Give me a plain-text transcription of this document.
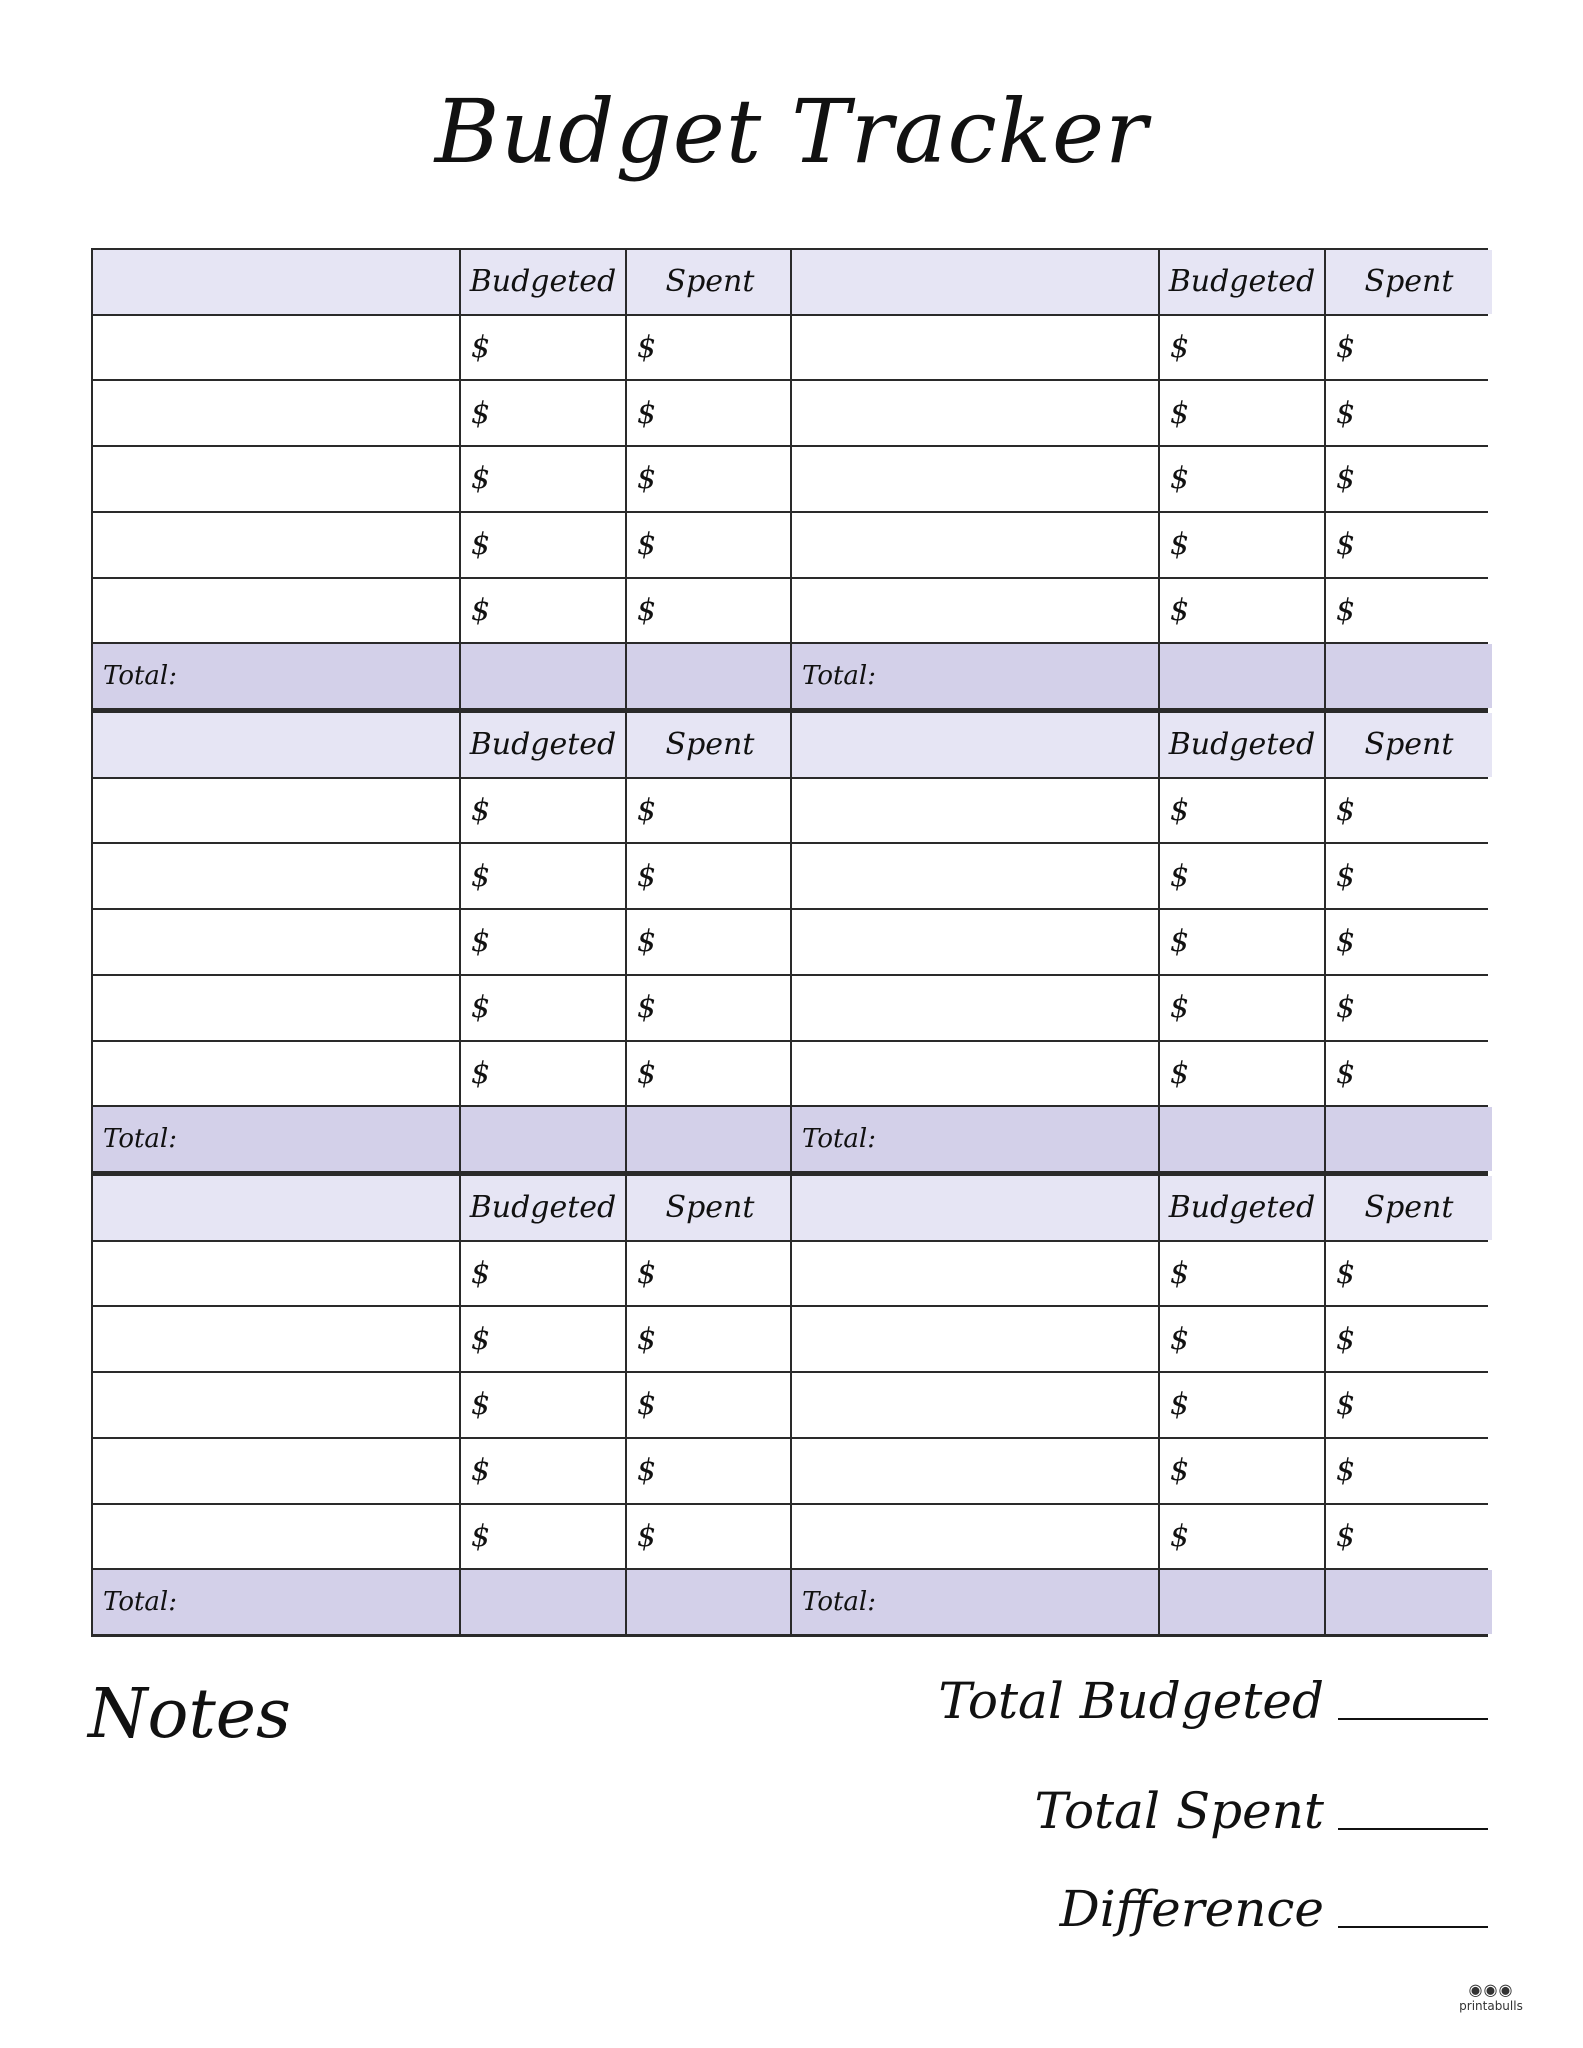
Budget Tracker
Budgeted	Spent
$	$
$	$
$	$
$	$
$	$
Total:
Budgeted	Spent
$	$
$	$
$	$
$	$
$	$
Total:
Budgeted	Spent
$	$
$	$
$	$
$	$
$	$
Total:
Budgeted	Spent
$	$
$	$
$	$
$	$
$	$
Total:
Budgeted	Spent
$	$
$	$
$	$
$	$
$	$
Total:
Budgeted	Spent
$	$
$	$
$	$
$	$
$	$
Total:
Notes	Total Budgeted
Total Spent
Difference
◉◉◉
printabulls
